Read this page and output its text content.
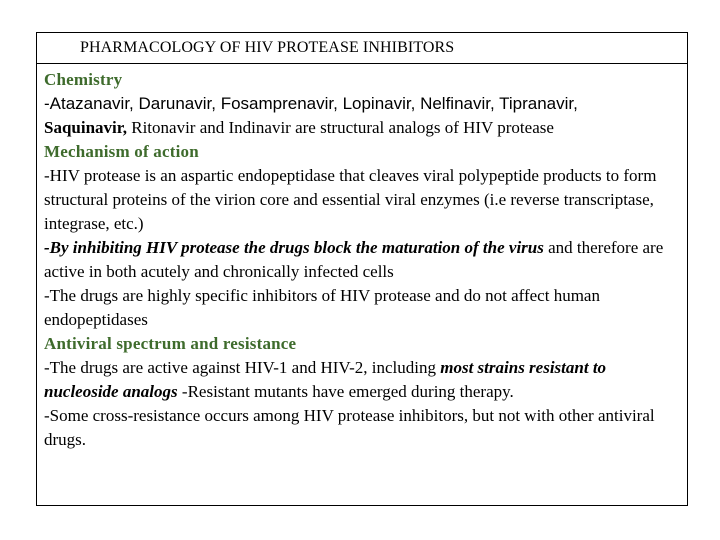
PHARMACOLOGY OF HIV PROTEASE INHIBITORS

Chemistry

-Atazanavir, Darunavir, Fosamprenavir, Lopinavir, Nelfinavir, Tipranavir,

Saquinavir, Ritonavir and Indinavir are structural analogs of HIV protease

Mechanism of action

-HIV protease is an aspartic endopeptidase that cleaves viral polypeptide products to form structural proteins of the virion core and essential viral enzymes (i.e reverse transcriptase, integrase, etc.)

-By inhibiting HIV protease the drugs block the maturation of the virus and therefore are active in both acutely and chronically infected cells

-The drugs are highly specific inhibitors of HIV protease and do not affect human endopeptidases

Antiviral spectrum and resistance

-The drugs are active against HIV-1 and HIV-2, including most strains resistant to nucleoside analogs -Resistant mutants have emerged during therapy.

-Some cross-resistance occurs among HIV protease inhibitors, but not with other antiviral drugs.
